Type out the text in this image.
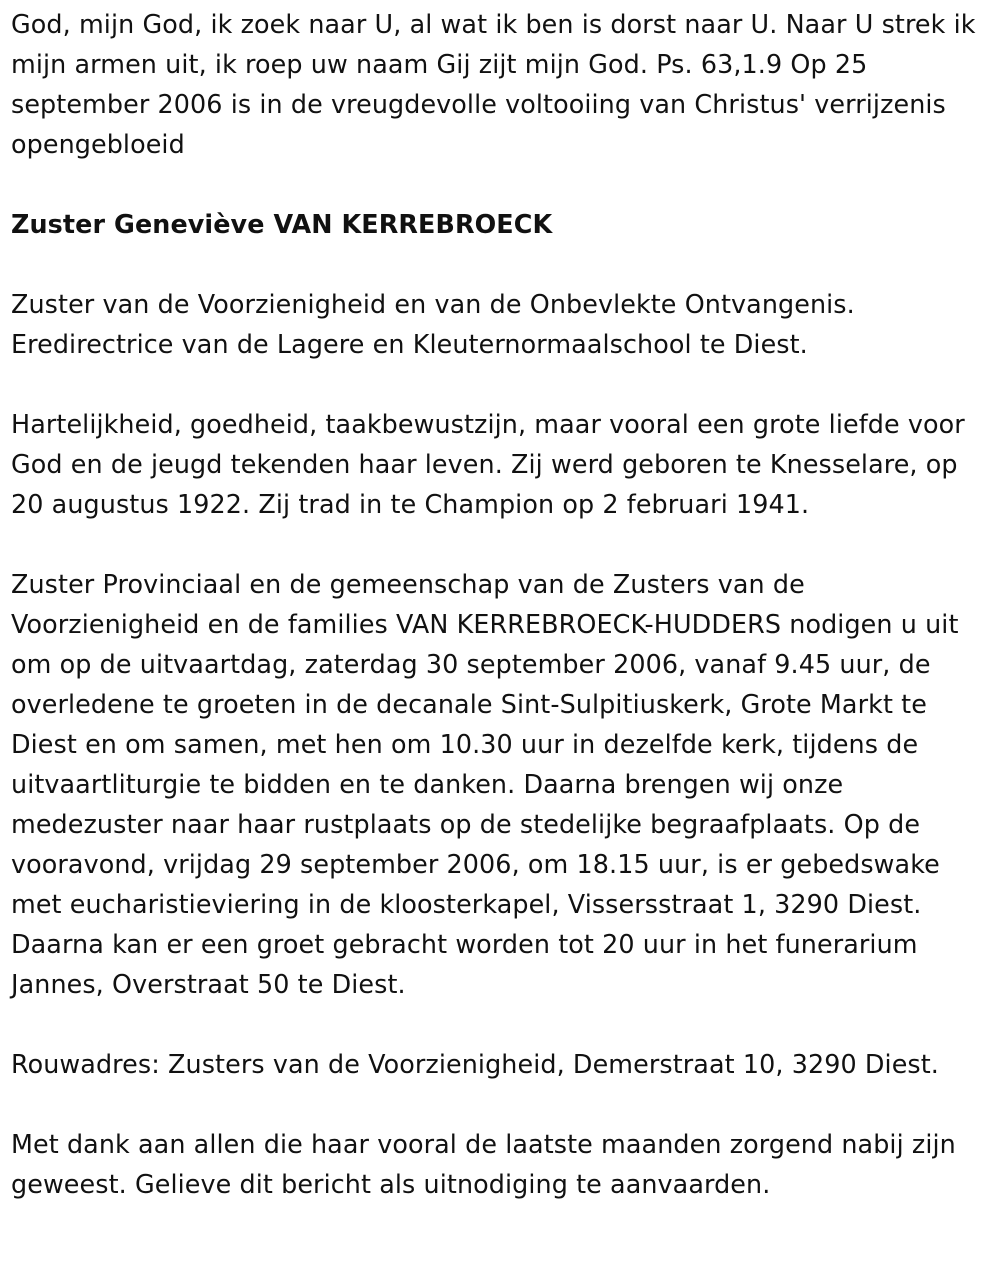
God, mijn God, ik zoek naar U, al wat ik ben is dorst naar U. Naar U strek ik mijn armen uit, ik roep uw naam Gij zijt mijn God. Ps. 63,1.9 Op 25 september 2006 is in de vreugdevolle voltooiing van Christus' verrijzenis opengebloeid

Zuster Geneviève VAN KERREBROECK

Zuster van de Voorzienigheid en van de Onbevlekte Ontvangenis. Eredirectrice van de Lagere en Kleuternormaalschool te Diest.

Hartelijkheid, goedheid, taakbewustzijn, maar vooral een grote liefde voor God en de jeugd tekenden haar leven. Zij werd geboren te Knesselare, op 20 augustus 1922. Zij trad in te Champion op 2 februari 1941.

Zuster Provinciaal en de gemeenschap van de Zusters van de Voorzienigheid en de families VAN KERREBROECK-HUDDERS nodigen u uit om op de uitvaartdag, zaterdag 30 september 2006, vanaf 9.45 uur, de overledene te groeten in de decanale Sint-Sulpitiuskerk, Grote Markt te Diest en om samen, met hen om 10.30 uur in dezelfde kerk, tijdens de uitvaartliturgie te bidden en te danken. Daarna brengen wij onze medezuster naar haar rustplaats op de stedelijke begraafplaats. Op de vooravond, vrijdag 29 september 2006, om 18.15 uur, is er gebedswake met eucharistieviering in de kloosterkapel, Vissersstraat 1, 3290 Diest. Daarna kan er een groet gebracht worden tot 20 uur in het funerarium Jannes, Overstraat 50 te Diest.

Rouwadres: Zusters van de Voorzienigheid, Demerstraat 10, 3290 Diest.

Met dank aan allen die haar vooral de laatste maanden zorgend nabij zijn geweest. Gelieve dit bericht als uitnodiging te aanvaarden.
